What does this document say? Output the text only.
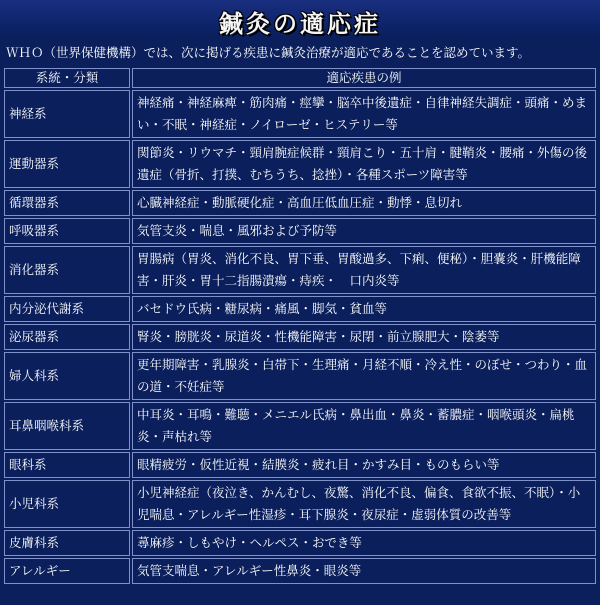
鍼灸の適応症
ＷＨＯ（世界保健機構）では、次に掲げる疾患に鍼灸治療が適応であることを認めています。
系統・分類	適応疾患の例
神経系	神経痛・神経麻痺・筋肉痛・痙攣・脳卒中後遺症・自律神経失調症・頭痛・めまい・不眠・神経症・ノイローゼ・ヒステリー等
運動器系	関節炎・リウマチ・頸肩腕症候群・頸肩こり・五十肩・腱鞘炎・腰痛・外傷の後遺症（骨折、打撲、むちうち、捻挫）・各種スポーツ障害等
循環器系	心臓神経症・動脈硬化症・高血圧低血圧症・動悸・息切れ
呼吸器系	気管支炎・喘息・風邪および予防等
消化器系	胃腸病（胃炎、消化不良、胃下垂、胃酸過多、下痢、便秘）・胆嚢炎・肝機能障害・肝炎・胃十二指腸潰瘍・痔疾・　口内炎等
内分泌代謝系	バセドウ氏病・糖尿病・痛風・脚気・貧血等
泌尿器系	腎炎・膀胱炎・尿道炎・性機能障害・尿閉・前立腺肥大・陰萎等
婦人科系	更年期障害・乳腺炎・白帯下・生理痛・月経不順・冷え性・のぼせ・つわり・血の道・不妊症等
耳鼻咽喉科系	中耳炎・耳鳴・難聴・メニエル氏病・鼻出血・鼻炎・蓄膿症・咽喉頭炎・扁桃炎・声枯れ等
眼科系	眼精疲労・仮性近視・結膜炎・疲れ目・かすみ目・ものもらい等
小児科系	小児神経症（夜泣き、かんむし、夜驚、消化不良、偏食、食欲不振、不眠）・小児喘息・アレルギー性湿疹・耳下腺炎・夜尿症・虚弱体質の改善等
皮膚科系	蕁麻疹・しもやけ・ヘルペス・おでき等
アレルギー	気管支喘息・アレルギー性鼻炎・眼炎等
